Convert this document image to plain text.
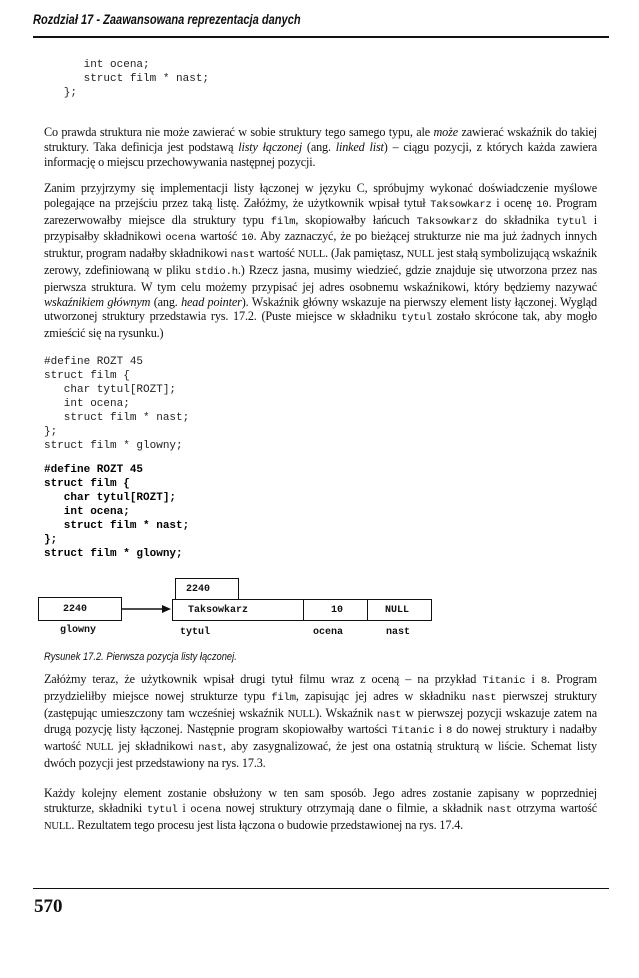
Rozdział 17 - Zaawansowana reprezentacja danych
int ocena;
struct film * nast;
};

Co prawda struktura nie może zawierać w sobie struktury tego samego typu, ale może zawierać wskaźnik do takiej struktury. Taka definicja jest podstawą listy łączonej (ang. linked list) – ciągu pozycji, z których każda zawiera informację o miejscu przechowywania następnej pozycji.

Zanim przyjrzymy się implementacji listy łączonej w języku C, spróbujmy wykonać doświadczenie myślowe polegające na przejściu przez taką listę. Załóżmy, że użytkownik wpisał tytuł Taksowkarz i ocenę 10. Program zarezerwowałby miejsce dla struktury typu film, skopiowałby łańcuch Taksowkarz do składnika tytul i przypisałby składnikowi ocena wartość 10. Aby zaznaczyć, że po bieżącej strukturze nie ma już żadnych innych struktur, program nadałby składnikowi nast wartość NULL. (Jak pamiętasz, NULL jest stałą symbolizującą wskaźnik zerowy, zdefiniowaną w pliku stdio.h.) Rzecz jasna, musimy wiedzieć, gdzie znajduje się utworzona przez nas pierwsza struktura. W tym celu możemy przypisać jej adres osobnemu wskaźnikowi, który będziemy nazywać wskaźnikiem głównym (ang. head pointer). Wskaźnik główny wskazuje na pierwszy element listy łączonej. Wygląd utworzonej struktury przedstawia rys. 17.2. (Puste miejsce w składniku tytul zostało skrócone tak, aby mogło zmieścić się na rysunku.)

#define ROZT 45
struct film {
char tytul[ROZT];
int ocena;
struct film * nast;
};
struct film * glowny;
#define ROZT 45
struct film {
char tytul[ROZT];
int ocena;
struct film * nast;
};
struct film * glowny;
2240
2240	Taksowkarz	10	NULL
glowny	tytul	ocena	nast
Rysunek 17.2. Pierwsza pozycja listy łączonej.

Załóżmy teraz, że użytkownik wpisał drugi tytuł filmu wraz z oceną – na przykład Titanic i 8. Program przydzieliłby miejsce nowej strukturze typu film, zapisując jej adres w składniku nast pierwszej struktury (zastępując umieszczony tam wcześniej wskaźnik NULL). Wskaźnik nast w pierwszej pozycji wskazuje zatem na drugą pozycję listy łączonej. Następnie program skopiowałby wartości Titanic i 8 do nowej struktury i nadałby wartość NULL jej składnikowi nast, aby zasygnalizować, że jest ona ostatnią strukturą w liście. Schemat listy dwóch pozycji jest przedstawiony na rys. 17.3.

Każdy kolejny element zostanie obsłużony w ten sam sposób. Jego adres zostanie zapisany w poprzedniej strukturze, składniki tytul i ocena nowej struktury otrzymają dane o filmie, a składnik nast otrzyma wartość NULL. Rezultatem tego procesu jest lista łączona o budowie przedstawionej na rys. 17.4.

570
